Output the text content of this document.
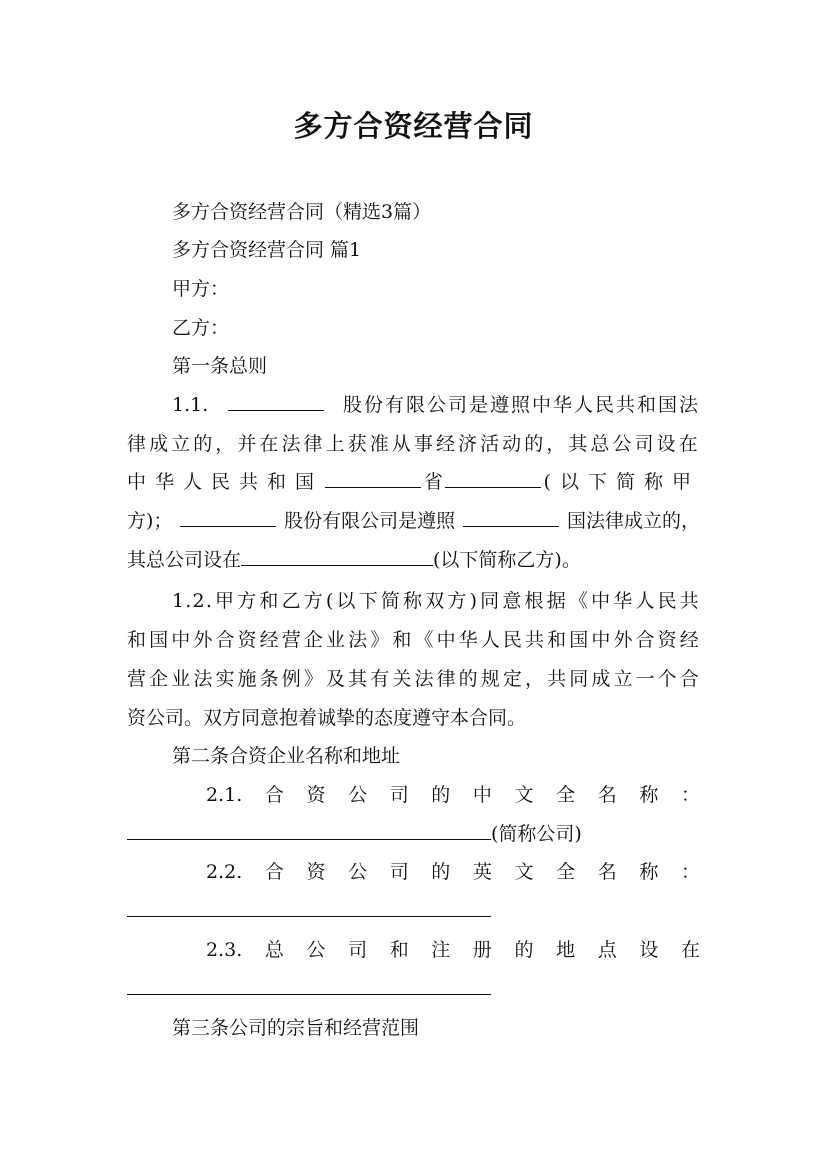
多方合资经营合同
多方合资经营合同（精选3篇）
多方合资经营合同 篇1
甲方：
乙方：
第一条总则
1.1.	股份有限公司是遵照中华人民共和国法
律成立的，并在法律上获准从事经济活动的，其总公司设在
中华人民共和国	省	(以下简称甲
方)；	股份有限公司是遵照	国法律成立的，
其总公司设在	(以下简称乙方)。
1.2.甲方和乙方(以下简称双方)同意根据《中华人民共
和国中外合资经营企业法》和《中华人民共和国中外合资经
营企业法实施条例》及其有关法律的规定，共同成立一个合
资公司。双方同意抱着诚挚的态度遵守本合同。
第二条合资企业名称和地址
2.1. 合 资 公 司 的 中 文 全 名 称 ：
(简称公司)
2.2. 合 资 公 司 的 英 文 全 名 称 ：
2.3. 总 公 司 和 注 册 的 地 点 设 在
第三条公司的宗旨和经营范围
